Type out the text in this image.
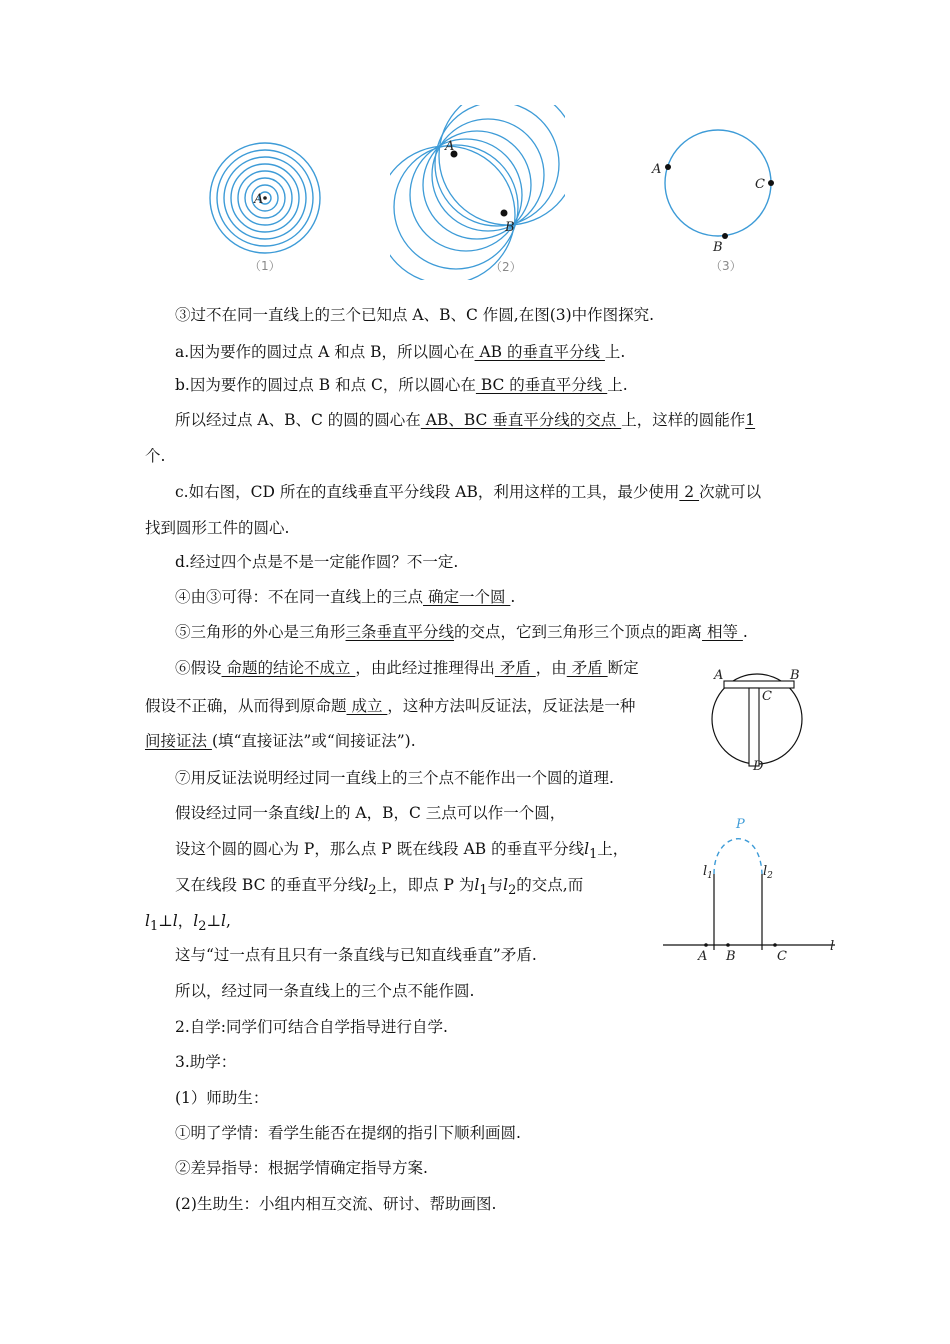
A
（1）
A
B
（2）
A
C
B
（3）
③过不在同一直线上的三个已知点 A、B、C 作圆,在图(3)中作图探究.
a.因为要作的圆过点 A 和点 B，所以圆心在 AB 的垂直平分线 上.
b.因为要作的圆过点 B 和点 C，所以圆心在 BC 的垂直平分线 上.
所以经过点 A、B、C 的圆的圆心在 AB、BC 垂直平分线的交点 上，这样的圆能作1
个.
c.如右图，CD 所在的直线垂直平分线段 AB，利用这样的工具，最少使用 2 次就可以
找到圆形工件的圆心.
d.经过四个点是不是一定能作圆？不一定.
④由③可得：不在同一直线上的三点 确定一个圆 .
⑤三角形的外心是三角形三条垂直平分线的交点，它到三角形三个顶点的距离 相等 .
⑥假设 命题的结论不成立 ，由此经过推理得出 矛盾 ，由 矛盾 断定
假设不正确，从而得到原命题 成立 ，这种方法叫反证法，反证法是一种
间接证法 (填“直接证法”或“间接证法”).
A	B
C
D
⑦用反证法说明经过同一直线上的三个点不能作出一个圆的道理.
假设经过同一条直线l上的 A，B，C 三点可以作一个圆，
设这个圆的圆心为 P，那么点 P 既在线段 AB 的垂直平分线$l_1$上，
又在线段 BC 的垂直平分线$l_2$上，即点 P 为$l_1$与$l_2$的交点,而
$l_1\perp l$，$l_2\perp l$,
这与“过一点有且只有一条直线与已知直线垂直”矛盾.
所以，经过同一条直线上的三个点不能作圆.
P
$l_1$	$l_2$
l
A B	C
2.自学:同学们可结合自学指导进行自学.
3.助学：
(1）师助生：
①明了学情：看学生能否在提纲的指引下顺利画圆.
②差异指导：根据学情确定指导方案.
(2)生助生：小组内相互交流、研讨、帮助画图.
